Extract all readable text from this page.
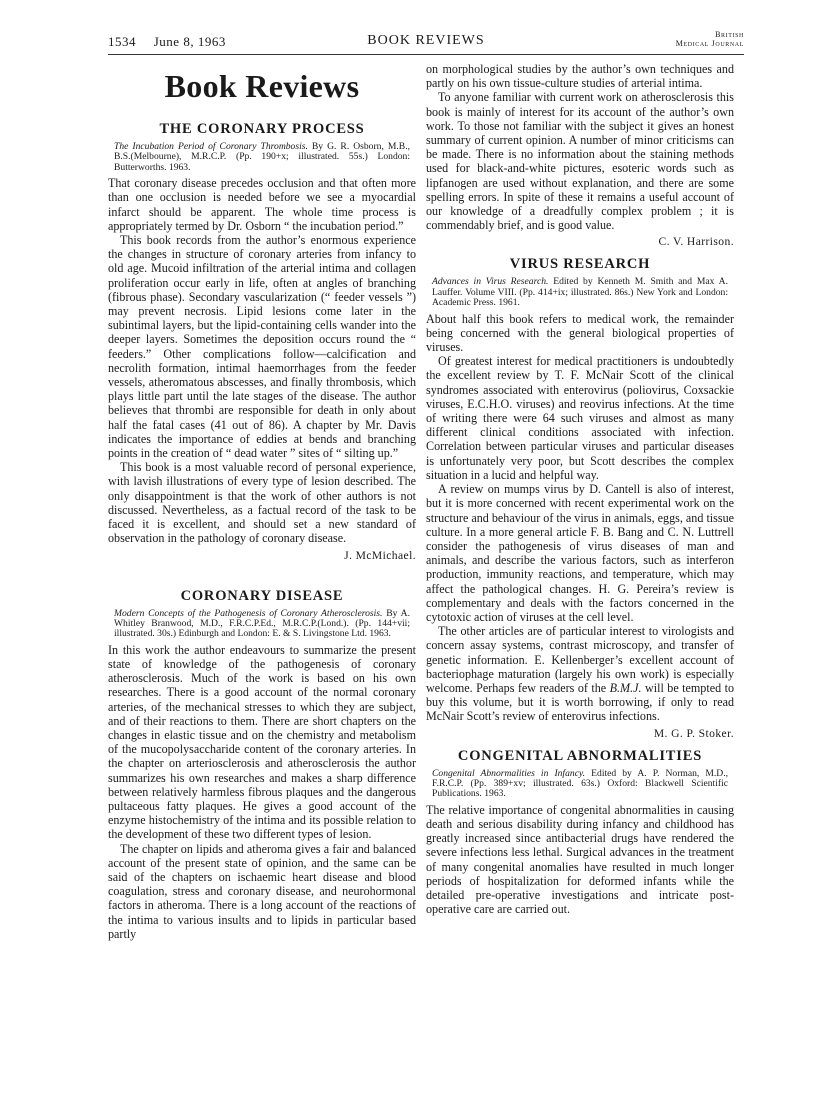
1534 June 8, 1963	BOOK REVIEWS	British
Medical Journal
Book Reviews
THE CORONARY PROCESS
The Incubation Period of Coronary Thrombosis. By G. R. Osborn, M.B., B.S.(Melbourne), M.R.C.P. (Pp. 190+x; illustrated. 55s.) London: Butterworths. 1963.

That coronary disease precedes occlusion and that often more than one occlusion is needed before we see a myocardial infarct should be apparent. The whole time process is appropriately termed by Dr. Osborn “ the incubation period.”

This book records from the author’s enormous experience the changes in structure of coronary arteries from infancy to old age. Mucoid infiltration of the arterial intima and collagen proliferation occur early in life, often at angles of branching (fibrous phase). Secondary vascularization (“ feeder vessels ”) may prevent necrosis. Lipid lesions come later in the subintimal layers, but the lipid-containing cells wander into the deeper layers. Sometimes the deposition occurs round the “ feeders.” Other complications follow—calcification and necrolith formation, intimal haemorrhages from the feeder vessels, atheromatous abscesses, and finally thrombosis, which plays little part until the late stages of the disease. The author believes that thrombi are responsible for death in only about half the fatal cases (41 out of 86). A chapter by Mr. Davis indicates the importance of eddies at bends and branching points in the creation of “ dead water ” sites of “ silting up.”

This book is a most valuable record of personal experience, with lavish illustrations of every type of lesion described. The only disappointment is that the work of other authors is not discussed. Nevertheless, as a factual record of the task to be faced it is excellent, and should set a new standard of observation in the pathology of coronary disease.

J. McMichael.
CORONARY DISEASE
Modern Concepts of the Pathogenesis of Coronary Atherosclerosis. By A. Whitley Branwood, M.D., F.R.C.P.Ed., M.R.C.P.(Lond.). (Pp. 144+vii; illustrated. 30s.) Edinburgh and London: E. & S. Livingstone Ltd. 1963.

In this work the author endeavours to summarize the present state of knowledge of the pathogenesis of coronary atherosclerosis. Much of the work is based on his own researches. There is a good account of the normal coronary arteries, of the mechanical stresses to which they are subject, and of their reactions to them. There are short chapters on the changes in elastic tissue and on the chemistry and metabolism of the mucopolysaccharide content of the coronary arteries. In the chapter on arteriosclerosis and atherosclerosis the author summarizes his own researches and makes a sharp difference between relatively harmless fibrous plaques and the dangerous pultaceous fatty plaques. He gives a good account of the enzyme histochemistry of the intima and its possible relation to the development of these two different types of lesion.

The chapter on lipids and atheroma gives a fair and balanced account of the present state of opinion, and the same can be said of the chapters on ischaemic heart disease and blood coagulation, stress and coronary disease, and neurohormonal factors in atheroma. There is a long account of the reactions of the intima to various insults and to lipids in particular based partly

on morphological studies by the author’s own techniques and partly on his own tissue-culture studies of arterial intima.

To anyone familiar with current work on atherosclerosis this book is mainly of interest for its account of the author’s own work. To those not familiar with the subject it gives an honest summary of current opinion. A number of minor criticisms can be made. There is no information about the staining methods used for black-and-white pictures, esoteric words such as lipfanogen are used without explanation, and there are some spelling errors. In spite of these it remains a useful account of our knowledge of a dreadfully complex problem ; it is commendably brief, and is good value.

C. V. Harrison.
VIRUS RESEARCH
Advances in Virus Research. Edited by Kenneth M. Smith and Max A. Lauffer. Volume VIII. (Pp. 414+ix; illustrated. 86s.) New York and London: Academic Press. 1961.

About half this book refers to medical work, the remainder being concerned with the general biological properties of viruses.

Of greatest interest for medical practitioners is undoubtedly the excellent review by T. F. McNair Scott of the clinical syndromes associated with enterovirus (poliovirus, Coxsackie viruses, E.C.H.O. viruses) and reovirus infections. At the time of writing there were 64 such viruses and almost as many different clinical conditions associated with infection. Correlation between particular viruses and particular diseases is unfortunately very poor, but Scott describes the complex situation in a lucid and helpful way.

A review on mumps virus by D. Cantell is also of interest, but it is more concerned with recent experimental work on the structure and behaviour of the virus in animals, eggs, and tissue culture. In a more general article F. B. Bang and C. N. Luttrell consider the pathogenesis of virus diseases of man and animals, and describe the various factors, such as interferon production, immunity reactions, and temperature, which may affect the pathological changes. H. G. Pereira’s review is complementary and deals with the factors concerned in the cytotoxic action of viruses at the cell level.

The other articles are of particular interest to virologists and concern assay systems, contrast microscopy, and transfer of genetic information. E. Kellenberger’s excellent account of bacteriophage maturation (largely his own work) is especially welcome. Perhaps few readers of the B.M.J. will be tempted to buy this volume, but it is worth borrowing, if only to read McNair Scott’s review of enterovirus infections.

M. G. P. Stoker.
CONGENITAL ABNORMALITIES
Congenital Abnormalities in Infancy. Edited by A. P. Norman, M.D., F.R.C.P. (Pp. 389+xv; illustrated. 63s.) Oxford: Blackwell Scientific Publications. 1963.

The relative importance of congenital abnormalities in causing death and serious disability during infancy and childhood has greatly increased since antibacterial drugs have rendered the severe infections less lethal. Surgical advances in the treatment of many congenital anomalies have resulted in much longer periods of hospitalization for deformed infants while the detailed pre-operative investigations and intricate post-operative care are carried out.
